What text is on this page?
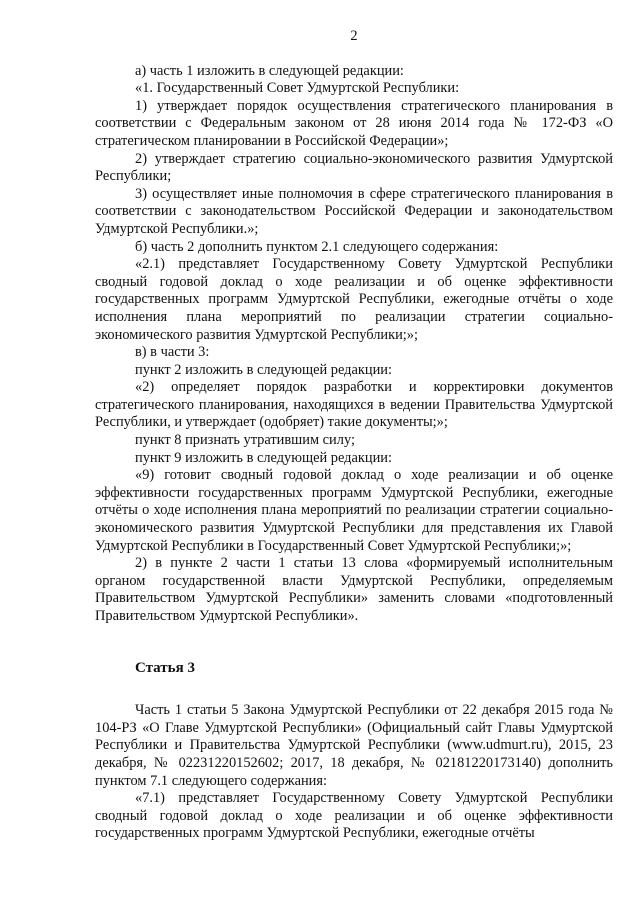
2

а) часть 1 изложить в следующей редакции:

«1. Государственный Совет Удмуртской Республики:

1) утверждает порядок осуществления стратегического планирования в соответствии с Федеральным законом от 28 июня 2014 года № 172-ФЗ «О стратегическом планировании в Российской Федерации»;

2) утверждает стратегию социально-экономического развития Удмуртской Республики;

3) осуществляет иные полномочия в сфере стратегического планирования в соответствии с законодательством Российской Федерации и законодательством Удмуртской Республики.»;

б) часть 2 дополнить пунктом 2.1 следующего содержания:

«2.1) представляет Государственному Совету Удмуртской Республики сводный годовой доклад о ходе реализации и об оценке эффективности государственных программ Удмуртской Республики, ежегодные отчёты о ходе исполнения плана мероприятий по реализации стратегии социально-экономического развития Удмуртской Республики;»;

в) в части 3:

пункт 2 изложить в следующей редакции:

«2) определяет порядок разработки и корректировки документов стратегического планирования, находящихся в ведении Правительства Удмуртской Республики, и утверждает (одобряет) такие документы;»;

пункт 8 признать утратившим силу;

пункт 9 изложить в следующей редакции:

«9) готовит сводный годовой доклад о ходе реализации и об оценке эффективности государственных программ Удмуртской Республики, ежегодные отчёты о ходе исполнения плана мероприятий по реализации стратегии социально-экономического развития Удмуртской Республики для представления их Главой Удмуртской Республики в Государственный Совет Удмуртской Республики;»;

2) в пункте 2 части 1 статьи 13 слова «формируемый исполнительным органом государственной власти Удмуртской Республики, определяемым Правительством Удмуртской Республики» заменить словами «подготовленный Правительством Удмуртской Республики».

Статья 3

Часть 1 статьи 5 Закона Удмуртской Республики от 22 декабря 2015 года № 104-РЗ «О Главе Удмуртской Республики» (Официальный сайт Главы Удмуртской Республики и Правительства Удмуртской Республики (www.udmurt.ru), 2015, 23 декабря, № 02231220152602; 2017, 18 декабря, № 02181220173140) дополнить пунктом 7.1 следующего содержания:

«7.1) представляет Государственному Совету Удмуртской Республики сводный годовой доклад о ходе реализации и об оценке эффективности государственных программ Удмуртской Республики, ежегодные отчёты
